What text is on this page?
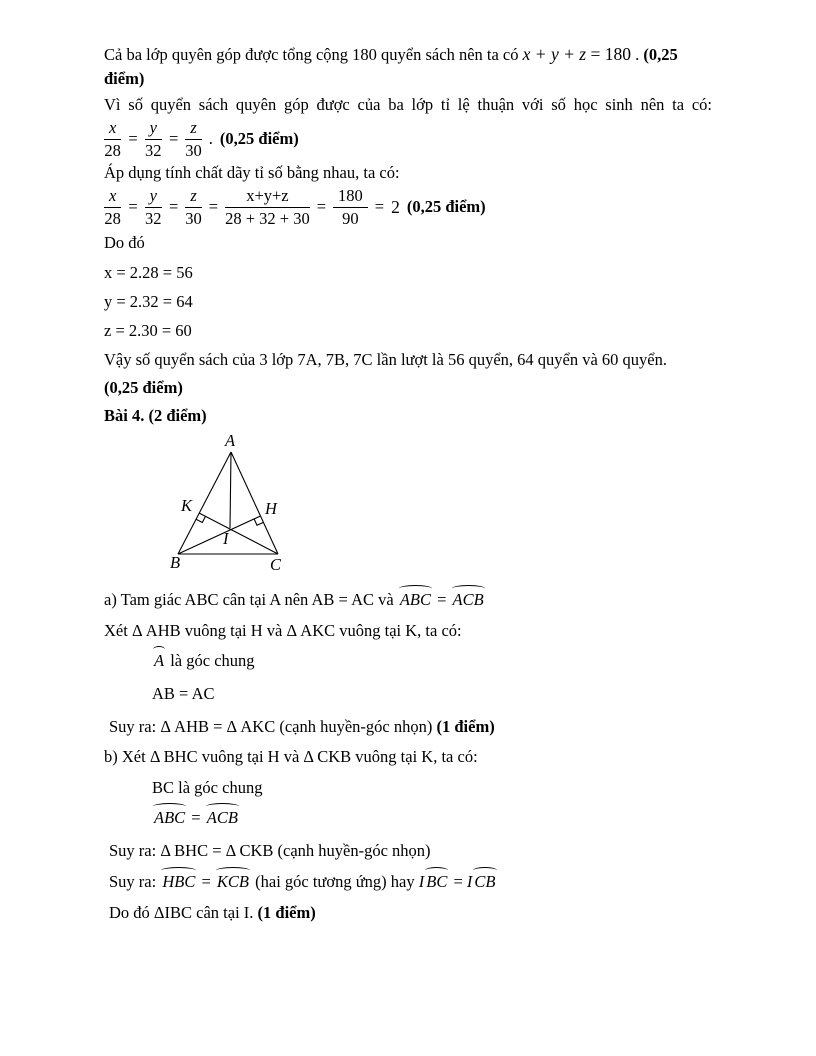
Cả ba lớp quyên góp được tổng cộng 180 quyển sách nên ta có x + y + z = 180 . (0,25 điểm)

Vì số quyển sách quyên góp được của ba lớp tỉ lệ thuận với số học sinh nên ta có:

$\frac{x}{28} = \frac{y}{32} = \frac{z}{30}$ . (0,25 điểm)

Áp dụng tính chất dãy tỉ số bằng nhau, ta có:

$\frac{x}{28} = \frac{y}{32} = \frac{z}{30} = \frac{x+y+z}{28 + 32 + 30} = \frac{180}{90} = 2$ (0,25 điểm)

Do đó

x = 2.28 = 56

y = 2.32 = 64

z = 2.30 = 60

Vậy số quyển sách của 3 lớp 7A, 7B, 7C lần lượt là 56 quyển, 64 quyển và 60 quyển.

(0,25 điểm)

Bài 4. (2 điểm)

A
K	H
I
B	C

a) Tam giác ABC cân tại A nên AB = AC và ABC = ACB

Xét Δ AHB vuông tại H và Δ AKC vuông tại K, ta có:

A là góc chung

AB = AC

Suy ra: Δ AHB = Δ AKC (cạnh huyền-góc nhọn) (1 điểm)

b) Xét Δ BHC vuông tại H và Δ CKB vuông tại K, ta có:

BC là góc chung

ABC = ACB

Suy ra: Δ BHC = Δ CKB (cạnh huyền-góc nhọn)

Suy ra: HBC = KCB (hai góc tương ứng) hay I BC = I CB

Do đó ΔIBC cân tại I. (1 điểm)
